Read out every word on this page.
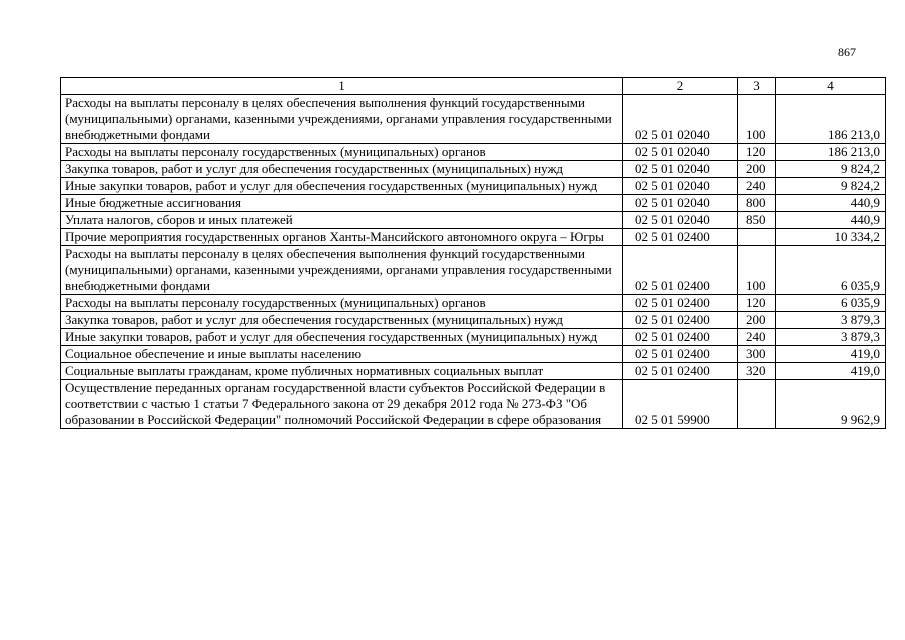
867
1	2	3	4
Расходы на выплаты персоналу в целях обеспечения выполнения функций государственными (муниципальными) органами, казенными учреждениями, органами управления государственными внебюджетными фондами	02 5 01 02040	100	186 213,0
Расходы на выплаты персоналу государственных (муниципальных) органов	02 5 01 02040	120	186 213,0
Закупка товаров, работ и услуг для обеспечения государственных (муниципальных) нужд	02 5 01 02040	200	9 824,2
Иные закупки товаров, работ и услуг для обеспечения государственных (муниципальных) нужд	02 5 01 02040	240	9 824,2
Иные бюджетные ассигнования	02 5 01 02040	800	440,9
Уплата налогов, сборов и иных платежей	02 5 01 02040	850	440,9
Прочие мероприятия государственных органов Ханты-Мансийского автономного округа – Югры	02 5 01 02400		10 334,2
Расходы на выплаты персоналу в целях обеспечения выполнения функций государственными (муниципальными) органами, казенными учреждениями, органами управления государственными внебюджетными фондами	02 5 01 02400	100	6 035,9
Расходы на выплаты персоналу государственных (муниципальных) органов	02 5 01 02400	120	6 035,9
Закупка товаров, работ и услуг для обеспечения государственных (муниципальных) нужд	02 5 01 02400	200	3 879,3
Иные закупки товаров, работ и услуг для обеспечения государственных (муниципальных) нужд	02 5 01 02400	240	3 879,3
Социальное обеспечение и иные выплаты населению	02 5 01 02400	300	419,0
Социальные выплаты гражданам, кроме публичных нормативных социальных выплат	02 5 01 02400	320	419,0
Осуществление переданных органам государственной власти субъектов Российской Федерации в соответствии с частью 1 статьи 7 Федерального закона от 29 декабря 2012 года № 273-ФЗ "Об образовании в Российской Федерации" полномочий Российской Федерации в сфере образования	02 5 01 59900		9 962,9
